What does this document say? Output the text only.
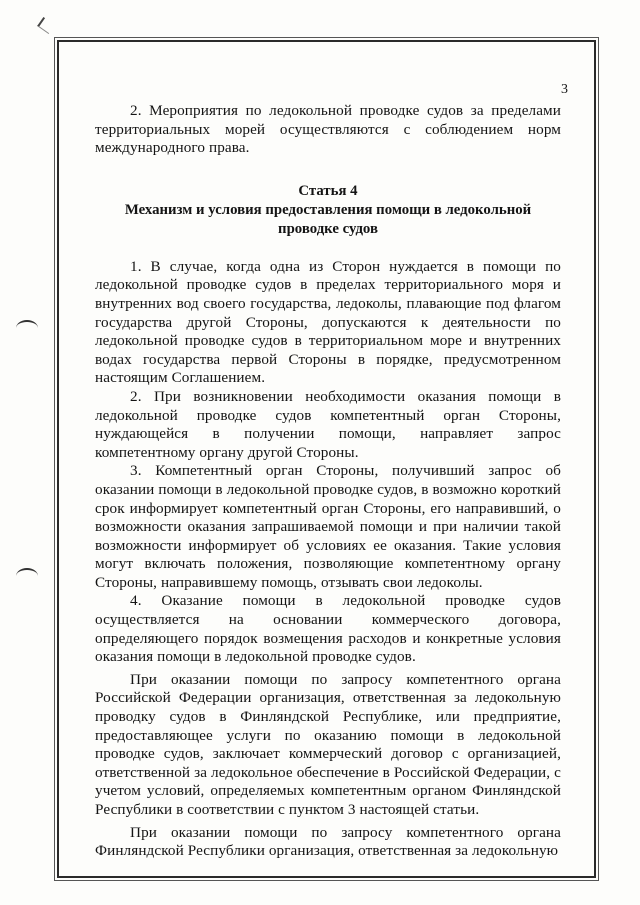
3

2. Мероприятия по ледокольной проводке судов за пределами территориальных морей осуществляются с соблюдением норм международного права.

Статья 4
Механизм и условия предоставления помощи в ледокольной
проводке судов

1. В случае, когда одна из Сторон нуждается в помощи по ледокольной проводке судов в пределах территориального моря и внутренних вод своего государства, ледоколы, плавающие под флагом государства другой Стороны, допускаются к деятельности по ледокольной проводке судов в территориальном море и внутренних водах государства первой Стороны в порядке, предусмотренном настоящим Соглашением.

2. При возникновении необходимости оказания помощи в ледокольной проводке судов компетентный орган Стороны, нуждающейся в получении помощи, направляет запрос компетентному органу другой Стороны.

3. Компетентный орган Стороны, получивший запрос об оказании помощи в ледокольной проводке судов, в возможно короткий срок информирует компетентный орган Стороны, его направивший, о возможности оказания запрашиваемой помощи и при наличии такой возможности информирует об условиях ее оказания. Такие условия могут включать положения, позволяющие компетентному органу Стороны, направившему помощь, отзывать свои ледоколы.

4. Оказание помощи в ледокольной проводке судов осуществляется на основании коммерческого договора, определяющего порядок возмещения расходов и конкретные условия оказания помощи в ледокольной проводке судов.

При оказании помощи по запросу компетентного органа Российской Федерации организация, ответственная за ледокольную проводку судов в Финляндской Республике, или предприятие, предоставляющее услуги по оказанию помощи в ледокольной проводке судов, заключает коммерческий договор с организацией, ответственной за ледокольное обеспечение в Российской Федерации, с учетом условий, определяемых компетентным органом Финляндской Республики в соответствии с пунктом 3 настоящей статьи.

При оказании помощи по запросу компетентного органа Финляндской Республики организация, ответственная за ледокольную
